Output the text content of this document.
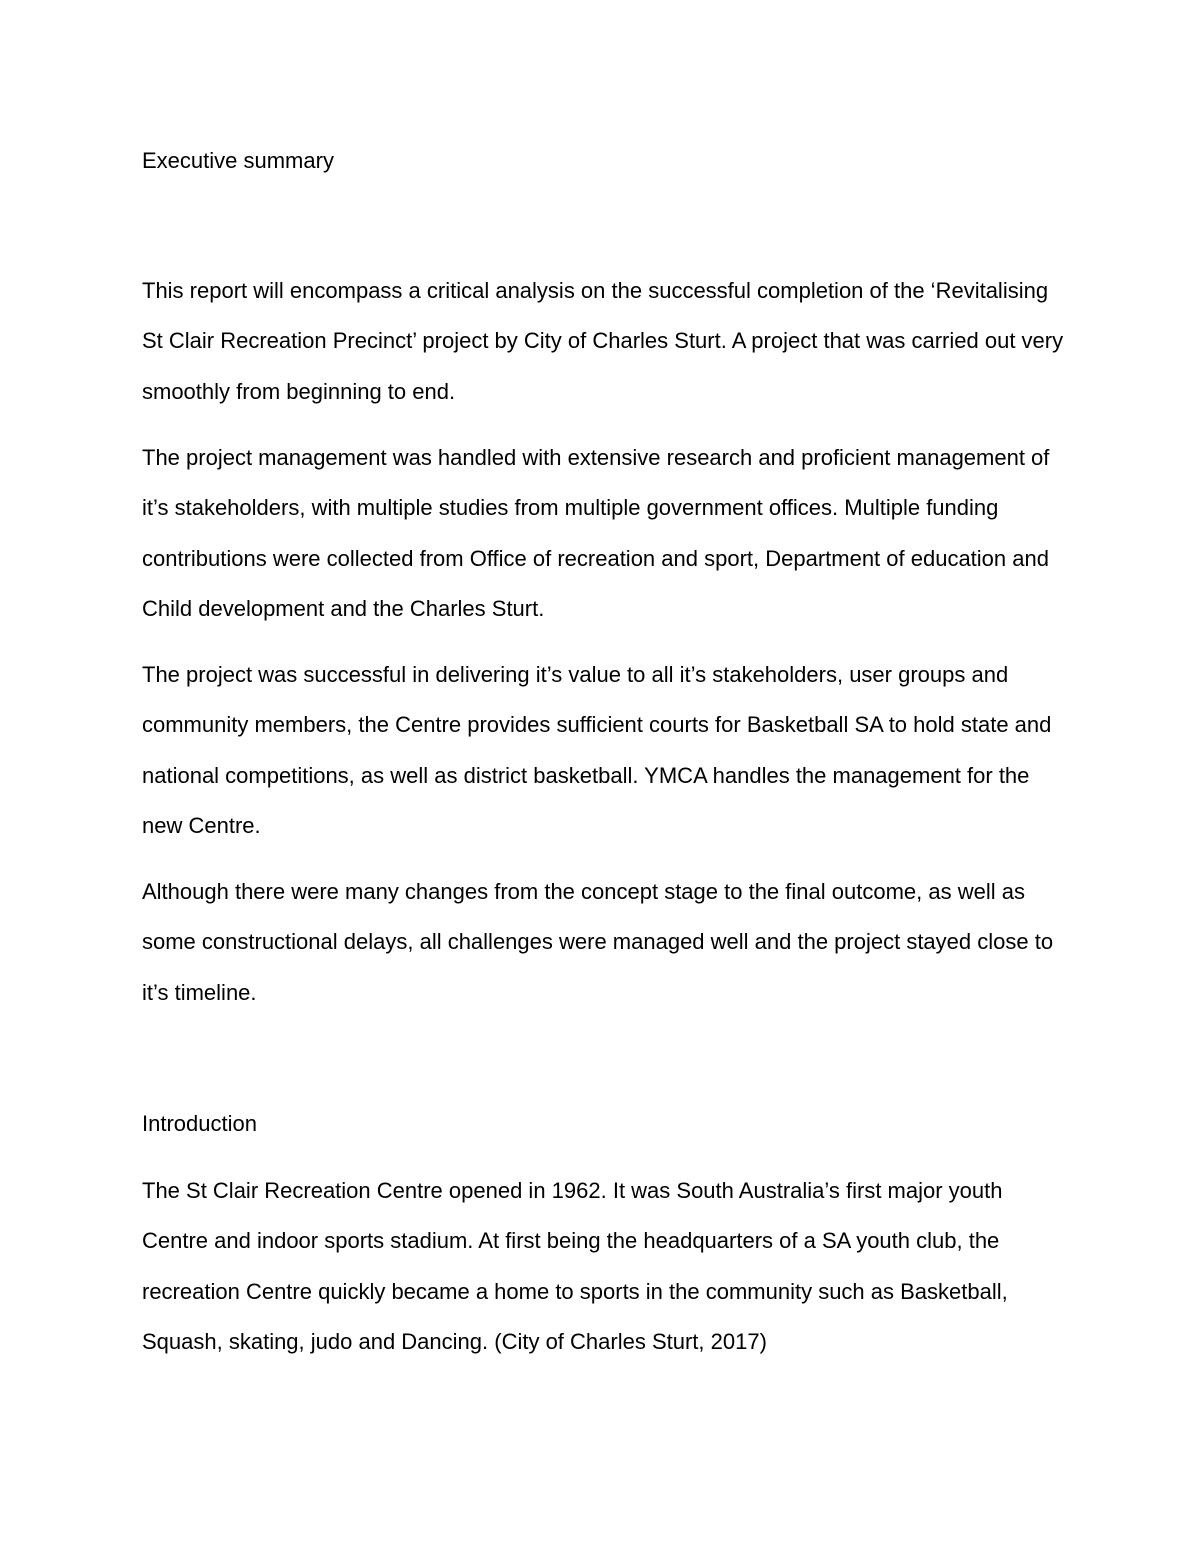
Executive summary

This report will encompass a critical analysis on the successful completion of the ‘Revitalising St Clair Recreation Precinct’ project by City of Charles Sturt. A project that was carried out very smoothly from beginning to end.

The project management was handled with extensive research and proficient management of it’s stakeholders, with multiple studies from multiple government offices. Multiple funding contributions were collected from Office of recreation and sport, Department of education and Child development and the Charles Sturt.

The project was successful in delivering it’s value to all it’s stakeholders, user groups and community members, the Centre provides sufficient courts for Basketball SA to hold state and national competitions, as well as district basketball. YMCA handles the management for the new Centre.

Although there were many changes from the concept stage to the final outcome, as well as some constructional delays, all challenges were managed well and the project stayed close to it’s timeline.

Introduction

The St Clair Recreation Centre opened in 1962. It was South Australia’s first major youth Centre and indoor sports stadium. At first being the headquarters of a SA youth club, the recreation Centre quickly became a home to sports in the community such as Basketball, Squash, skating, judo and Dancing. (City of Charles Sturt, 2017)
